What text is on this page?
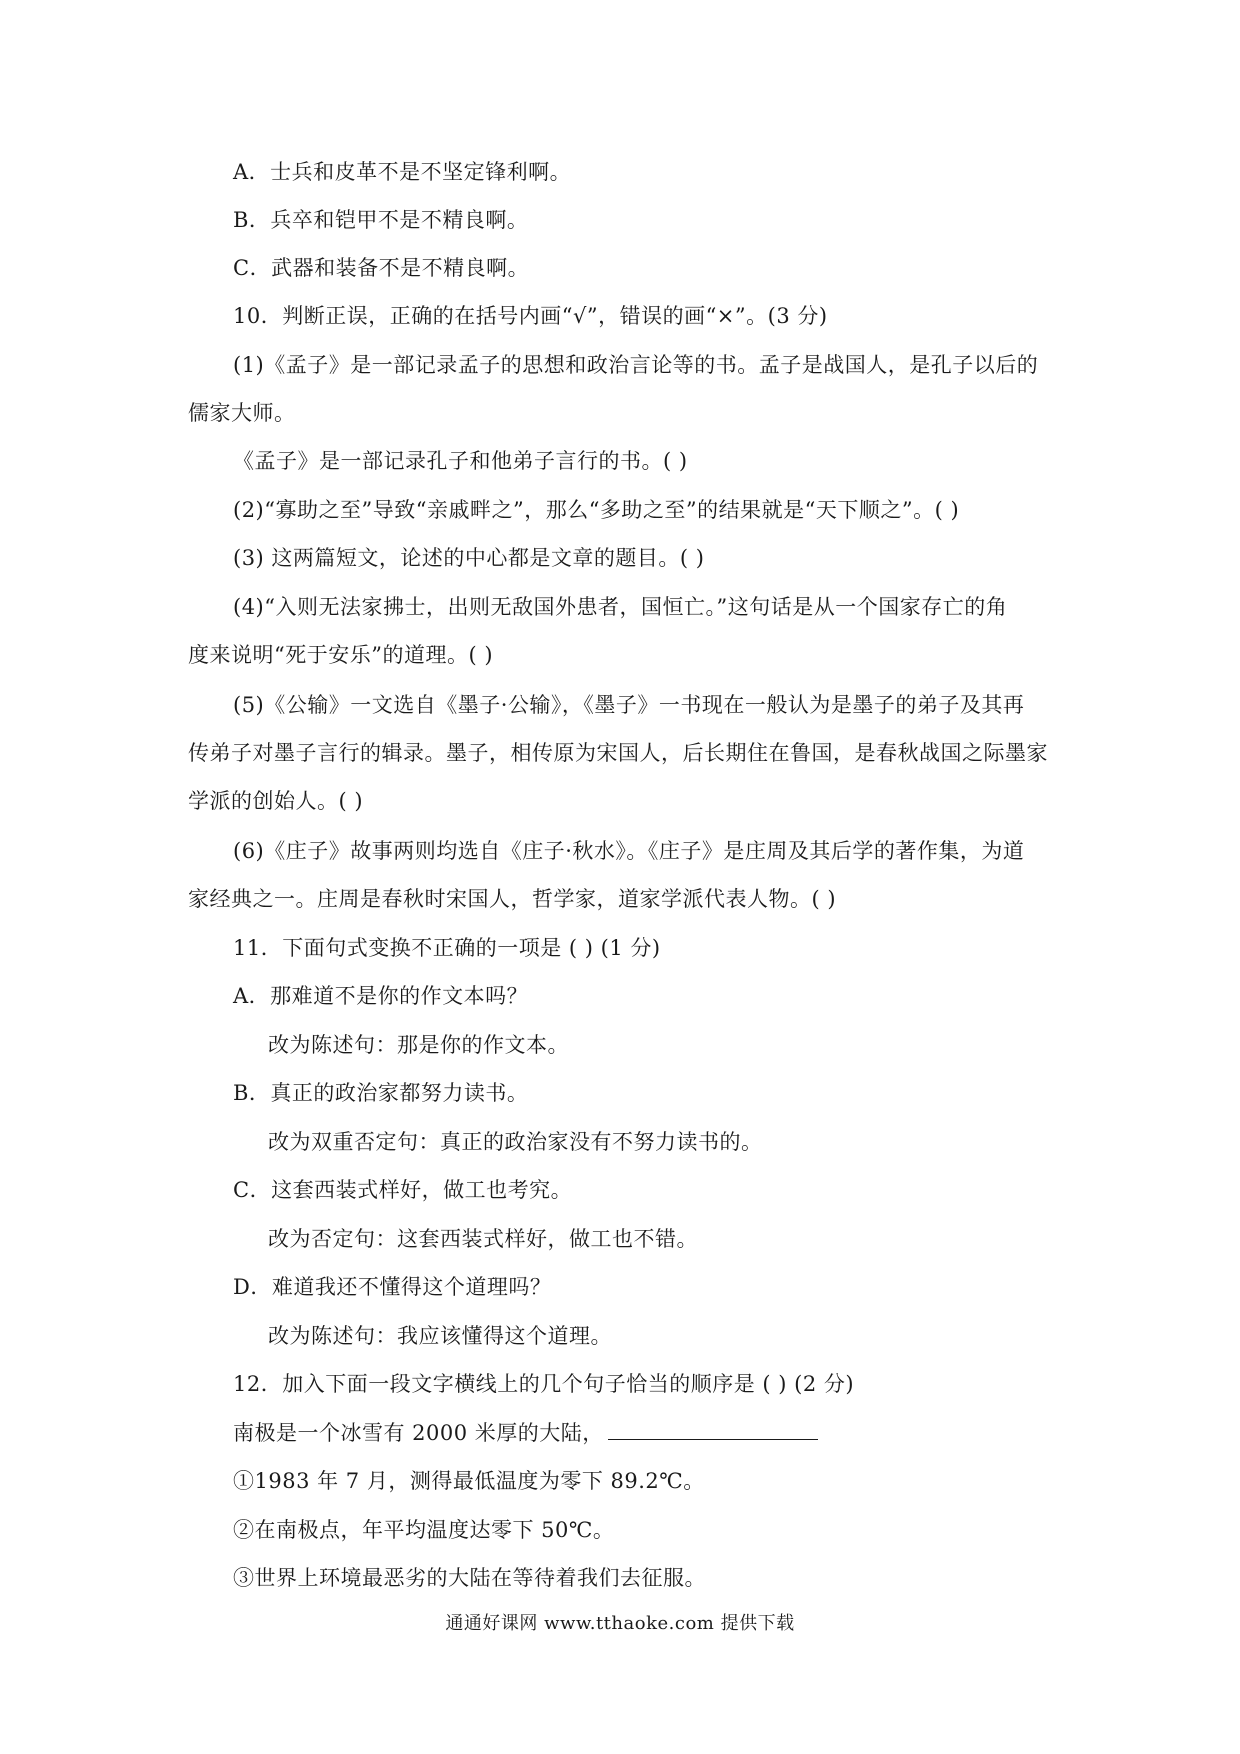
A．士兵和皮革不是不坚定锋利啊。
B．兵卒和铠甲不是不精良啊。
C．武器和装备不是不精良啊。
10．判断正误，正确的在括号内画“√”，错误的画“×”。(3 分)
(1)《孟子》是一部记录孟子的思想和政治言论等的书。孟子是战国人，是孔子以后的
儒家大师。
《孟子》是一部记录孔子和他弟子言行的书。( )
(2)“寡助之至”导致“亲戚畔之”，那么“多助之至”的结果就是“天下顺之”。( )
(3) 这两篇短文，论述的中心都是文章的题目。( )
(4)“入则无法家拂士，出则无敌国外患者，国恒亡。”这句话是从一个国家存亡的角
度来说明“死于安乐”的道理。( )
(5)《公输》一文选自《墨子·公输》，《墨子》一书现在一般认为是墨子的弟子及其再
传弟子对墨子言行的辑录。墨子，相传原为宋国人，后长期住在鲁国，是春秋战国之际墨家
学派的创始人。( )
(6)《庄子》故事两则均选自《庄子·秋水》。《庄子》是庄周及其后学的著作集，为道
家经典之一。庄周是春秋时宋国人，哲学家，道家学派代表人物。( )
11．下面句式变换不正确的一项是 ( ) (1 分)
A．那难道不是你的作文本吗？
改为陈述句：那是你的作文本。
B．真正的政治家都努力读书。
改为双重否定句：真正的政治家没有不努力读书的。
C．这套西装式样好，做工也考究。
改为否定句：这套西装式样好，做工也不错。
D．难道我还不懂得这个道理吗？
改为陈述句：我应该懂得这个道理。
12．加入下面一段文字横线上的几个句子恰当的顺序是 ( ) (2 分)
南极是一个冰雪有 2000 米厚的大陆，
①1983 年 7 月，测得最低温度为零下 89.2℃。
②在南极点，年平均温度达零下 50℃。
③世界上环境最恶劣的大陆在等待着我们去征服。
通通好课网 www.tthaoke.com 提供下载
